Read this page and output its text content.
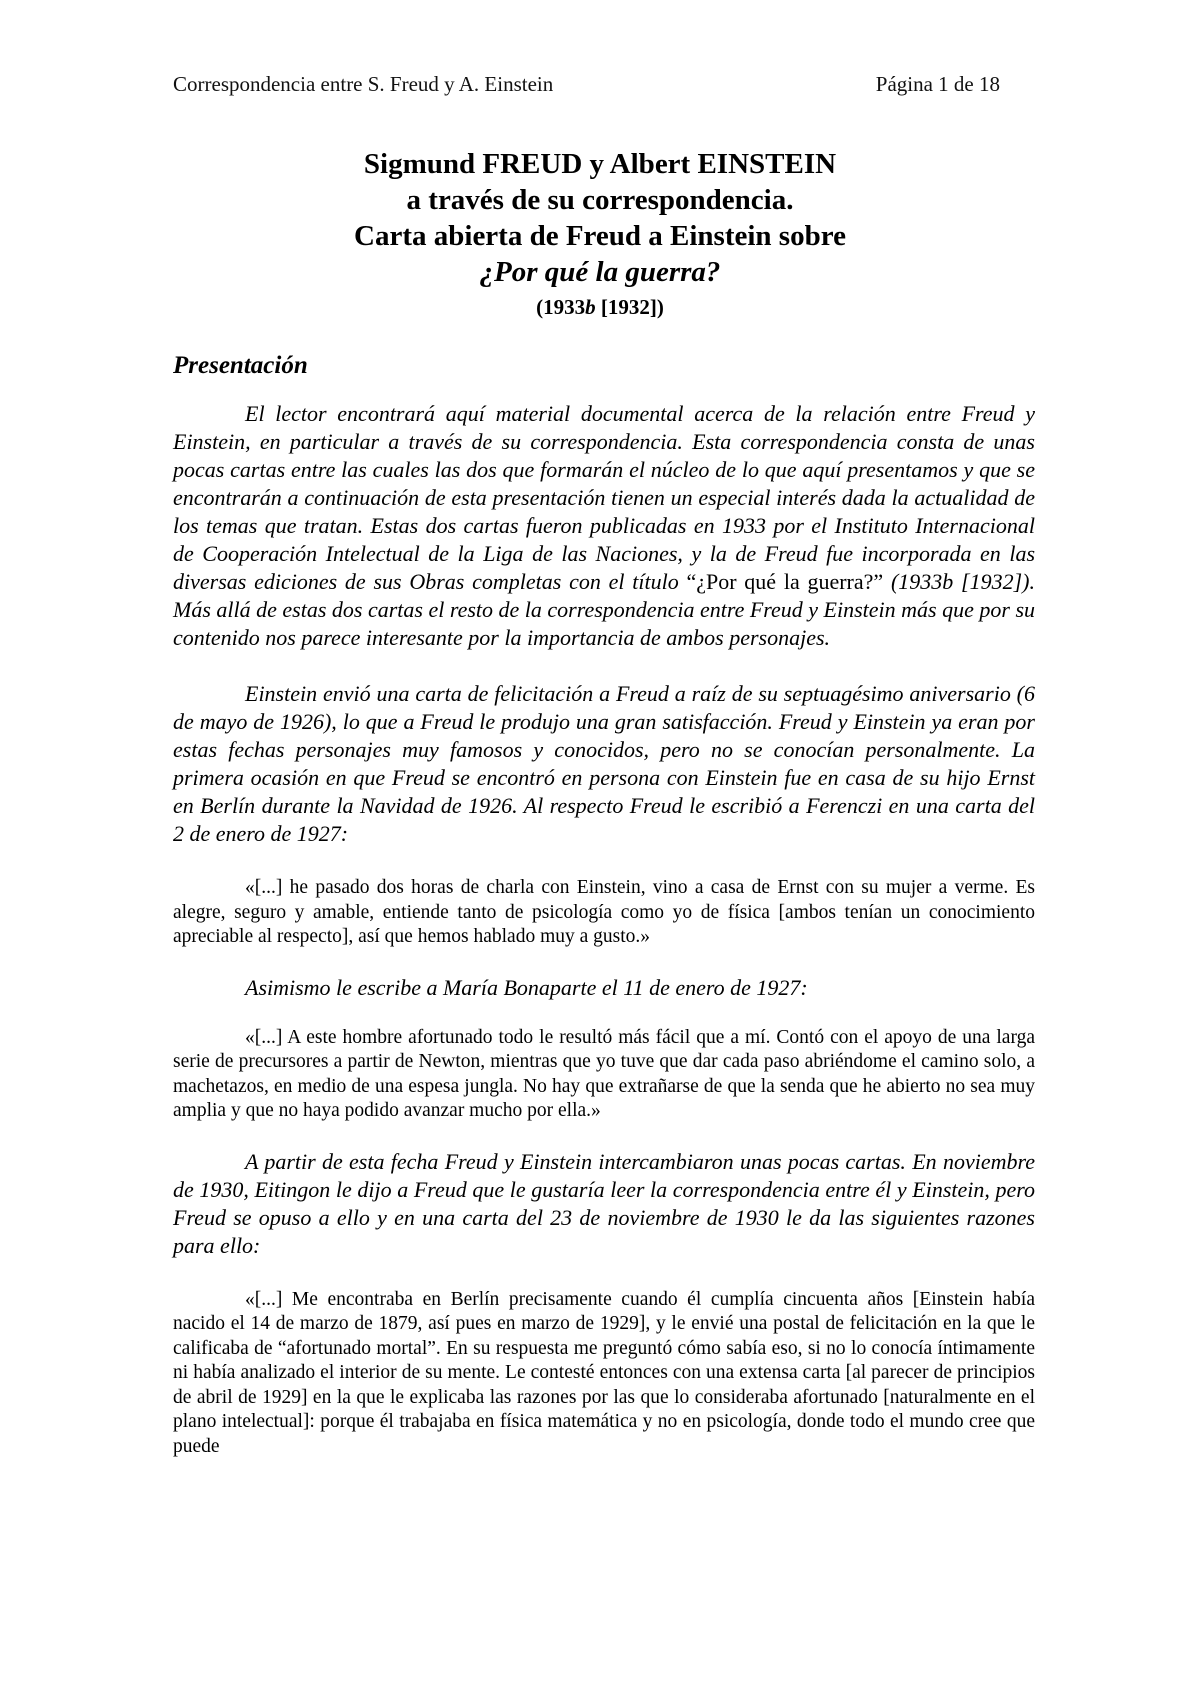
Correspondencia entre S. Freud y A. Einstein	Página 1 de 18
Sigmund FREUD y Albert EINSTEIN
a través de su correspondencia.
Carta abierta de Freud a Einstein sobre
¿Por qué la guerra?
(1933b [1932])
Presentación

El lector encontrará aquí material documental acerca de la relación entre Freud y Einstein, en particular a través de su correspondencia. Esta correspondencia consta de unas pocas cartas entre las cuales las dos que formarán el núcleo de lo que aquí presentamos y que se encontrarán a continuación de esta presentación tienen un especial interés dada la actualidad de los temas que tratan. Estas dos cartas fueron publicadas en 1933 por el Instituto Internacional de Cooperación Intelectual de la Liga de las Naciones, y la de Freud fue incorporada en las diversas ediciones de sus Obras completas con el título “¿Por qué la guerra?” (1933b [1932]). Más allá de estas dos cartas el resto de la correspondencia entre Freud y Einstein más que por su contenido nos parece interesante por la importancia de ambos personajes.

Einstein envió una carta de felicitación a Freud a raíz de su septuagésimo aniversario (6 de mayo de 1926), lo que a Freud le produjo una gran satisfacción. Freud y Einstein ya eran por estas fechas personajes muy famosos y conocidos, pero no se conocían personalmente. La primera ocasión en que Freud se encontró en persona con Einstein fue en casa de su hijo Ernst en Berlín durante la Navidad de 1926. Al respecto Freud le escribió a Ferenczi en una carta del 2 de enero de 1927:

«[...] he pasado dos horas de charla con Einstein, vino a casa de Ernst con su mujer a verme. Es alegre, seguro y amable, entiende tanto de psicología como yo de física [ambos tenían un conocimiento apreciable al respecto], así que hemos hablado muy a gusto.»

Asimismo le escribe a María Bonaparte el 11 de enero de 1927:

«[...] A este hombre afortunado todo le resultó más fácil que a mí. Contó con el apoyo de una larga serie de precursores a partir de Newton, mientras que yo tuve que dar cada paso abriéndome el camino solo, a machetazos, en medio de una espesa jungla. No hay que extrañarse de que la senda que he abierto no sea muy amplia y que no haya podido avanzar mucho por ella.»

A partir de esta fecha Freud y Einstein intercambiaron unas pocas cartas. En noviembre de 1930, Eitingon le dijo a Freud que le gustaría leer la correspondencia entre él y Einstein, pero Freud se opuso a ello y en una carta del 23 de noviembre de 1930 le da las siguientes razones para ello:

«[...] Me encontraba en Berlín precisamente cuando él cumplía cincuenta años [Einstein había nacido el 14 de marzo de 1879, así pues en marzo de 1929], y le envié una postal de felicitación en la que le calificaba de “afortunado mortal”. En su respuesta me preguntó cómo sabía eso, si no lo conocía íntimamente ni había analizado el interior de su mente. Le contesté entonces con una extensa carta [al parecer de principios de abril de 1929] en la que le explicaba las razones por las que lo consideraba afortunado [naturalmente en el plano intelectual]: porque él trabajaba en física matemática y no en psicología, donde todo el mundo cree que puede
